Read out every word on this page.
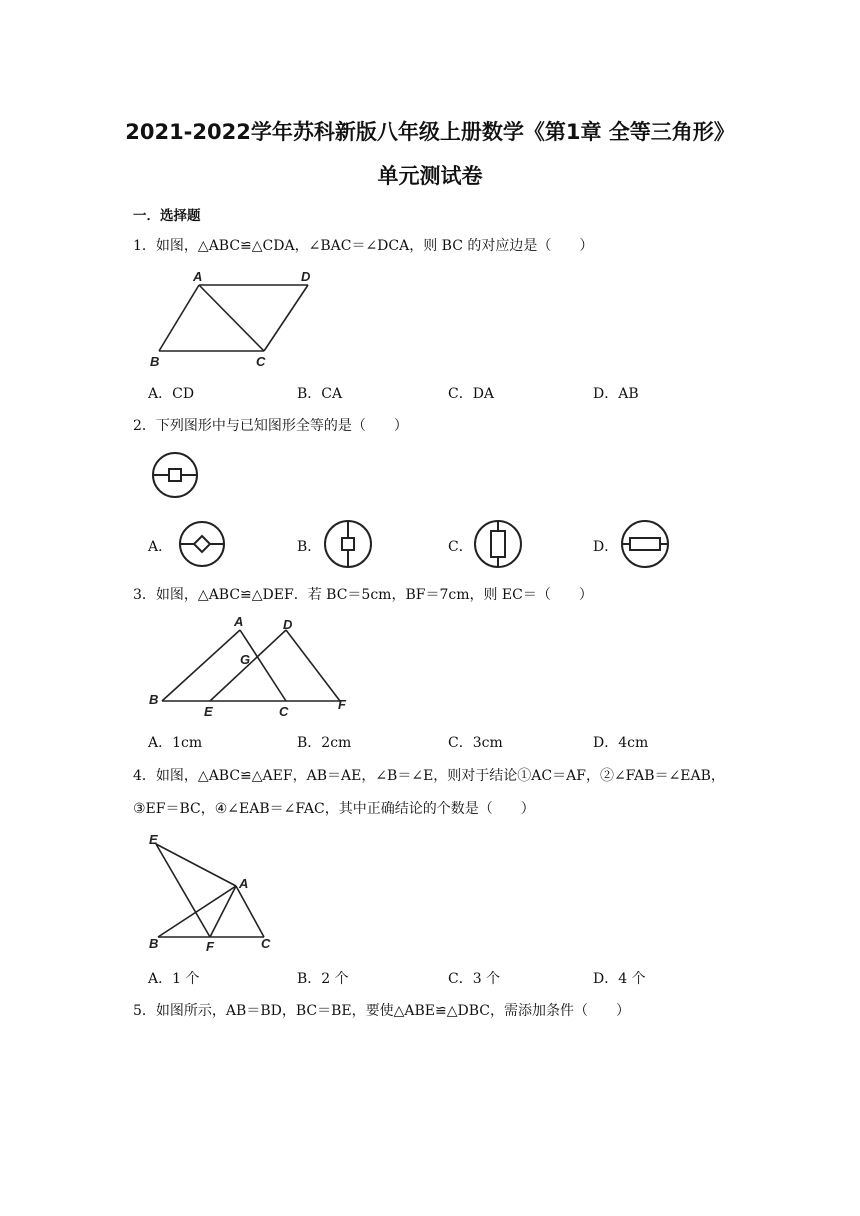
2021-2022学年苏科新版八年级上册数学《第1章 全等三角形》
单元测试卷
一．选择题
1．如图，△ABC≌△CDA，∠BAC＝∠DCA，则 BC 的对应边是（　　）
A	D
B	C
A．CD	B．CA	C．DA	D．AB
2．下列图形中与已知图形全等的是（　　）
A．	B．	C．	D．
3．如图，△ABC≌△DEF．若 BC＝5cm，BF＝7cm，则 EC＝（　　）
A	D
G
B
E	C	F
A．1cm	B．2cm	C．3cm	D．4cm
4．如图，△ABC≌△AEF，AB＝AE，∠B＝∠E，则对于结论①AC＝AF，②∠FAB＝∠EAB，
③EF＝BC，④∠EAB＝∠FAC，其中正确结论的个数是（　　）
E
A
B	F	C
A．1 个	B．2 个	C．3 个	D．4 个
5．如图所示，AB＝BD，BC＝BE，要使△ABE≌△DBC，需添加条件（　　）
